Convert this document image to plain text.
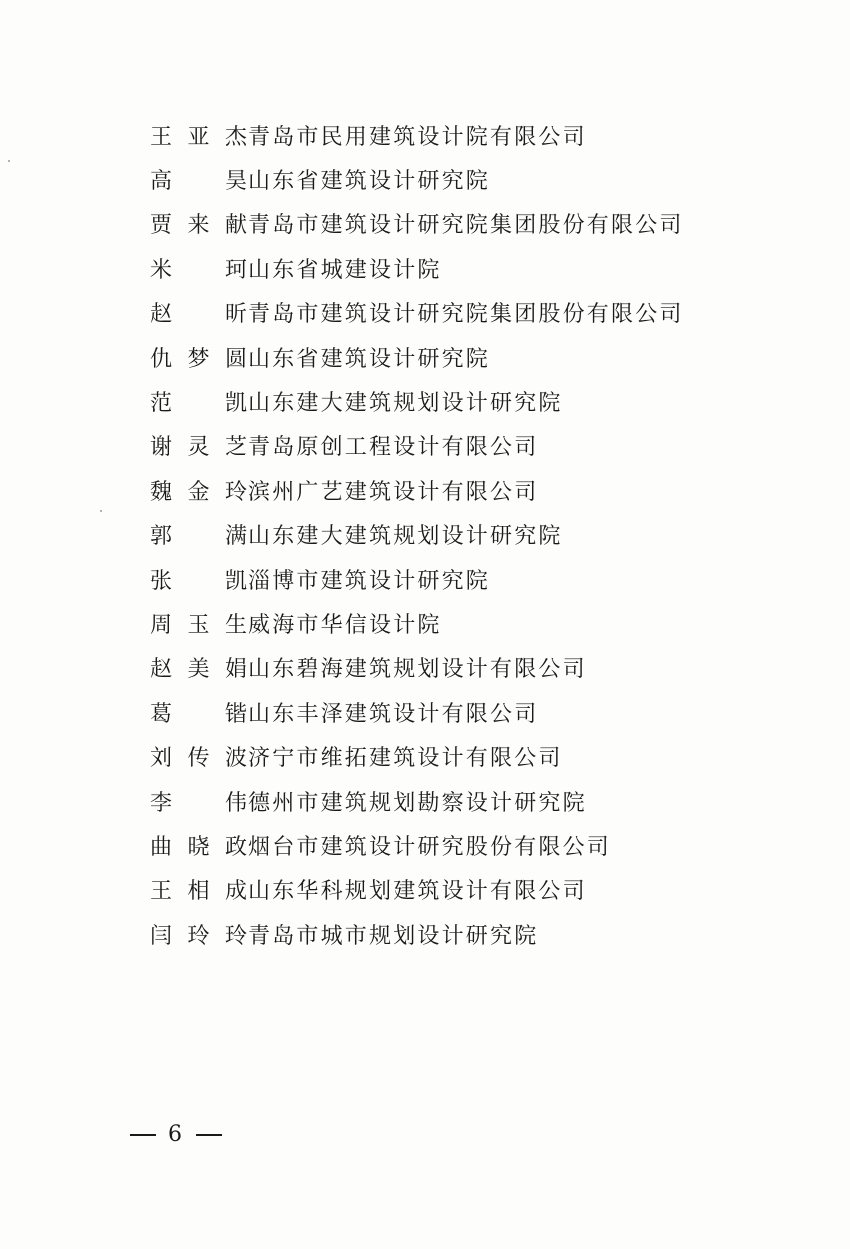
王亚杰 青岛市民用建筑设计院有限公司
高昊 山东省建筑设计研究院
贾来献 青岛市建筑设计研究院集团股份有限公司
米珂 山东省城建设计院
赵昕 青岛市建筑设计研究院集团股份有限公司
仇梦圆 山东省建筑设计研究院
范凯 山东建大建筑规划设计研究院
谢灵芝 青岛原创工程设计有限公司
魏金玲 滨州广艺建筑设计有限公司
郭满 山东建大建筑规划设计研究院
张凯 淄博市建筑设计研究院
周玉生 威海市华信设计院
赵美娟 山东碧海建筑规划设计有限公司
葛锴 山东丰泽建筑设计有限公司
刘传波 济宁市维拓建筑设计有限公司
李伟 德州市建筑规划勘察设计研究院
曲晓政 烟台市建筑设计研究股份有限公司
王相成 山东华科规划建筑设计有限公司
闫玲玲 青岛市城市规划设计研究院
6
